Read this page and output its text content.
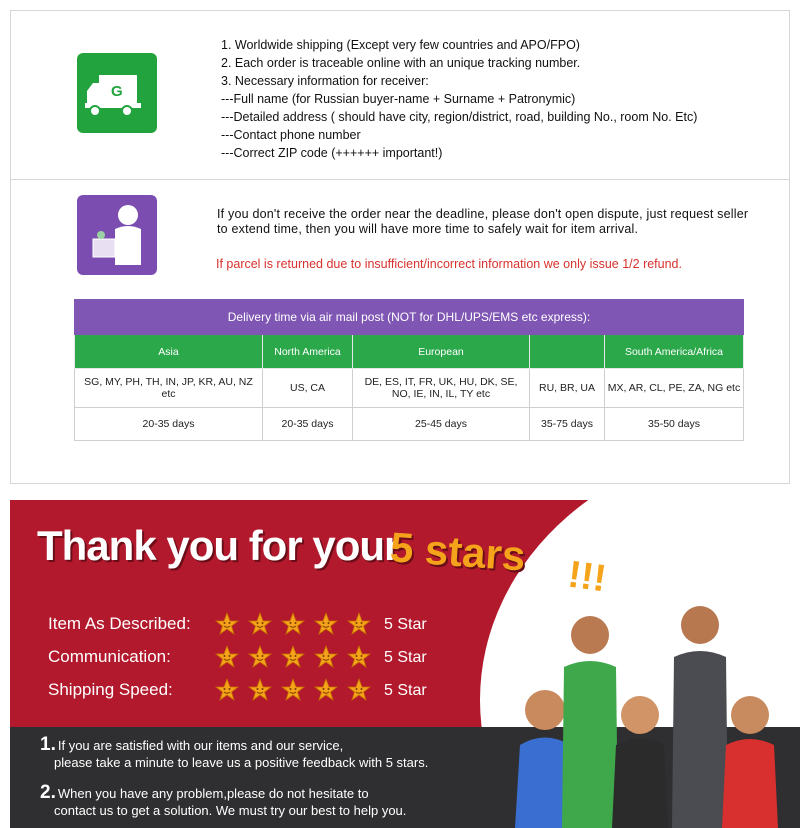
G
1. Worldwide shipping (Except very few countries and APO/FPO)
2. Each order is traceable online with an unique tracking number.
3. Necessary information for receiver:
---Full name (for Russian buyer-name + Surname + Patronymic)
---Detailed address ( should have city, region/district, road, building No., room No. Etc)
---Contact phone number
---Correct ZIP code (++++++ important!)
If you don't receive the order near the deadline, please don't open dispute, just request seller to extend time, then you will have more time to safely wait for item arrival.
If parcel is returned due to insufficient/incorrect information we only issue 1/2 refund.
Delivery time via air mail post (NOT for DHL/UPS/EMS etc express):				
Asia	North America	European		South America/Africa
SG, MY, PH, TH, IN, JP, KR, AU, NZ etc	US, CA	DE, ES, IT, FR, UK, HU, DK, SE, NO, IE, IN, IL, TY etc	RU, BR, UA	MX, AR, CL, PE, ZA, NG etc
20-35 days	20-35 days	25-45 days	35-75 days	35-50 days
Thank you for your
5 stars !!!
Item As Described:	5 Star
Communication:	5 Star
Shipping Speed:	5 Star
1. If you are satisfied with our items and our service,
please take a minute to leave us a positive feedback with 5 stars.
2. When you have any problem,please do not hesitate to
contact us to get a solution. We must try our best to help you.
